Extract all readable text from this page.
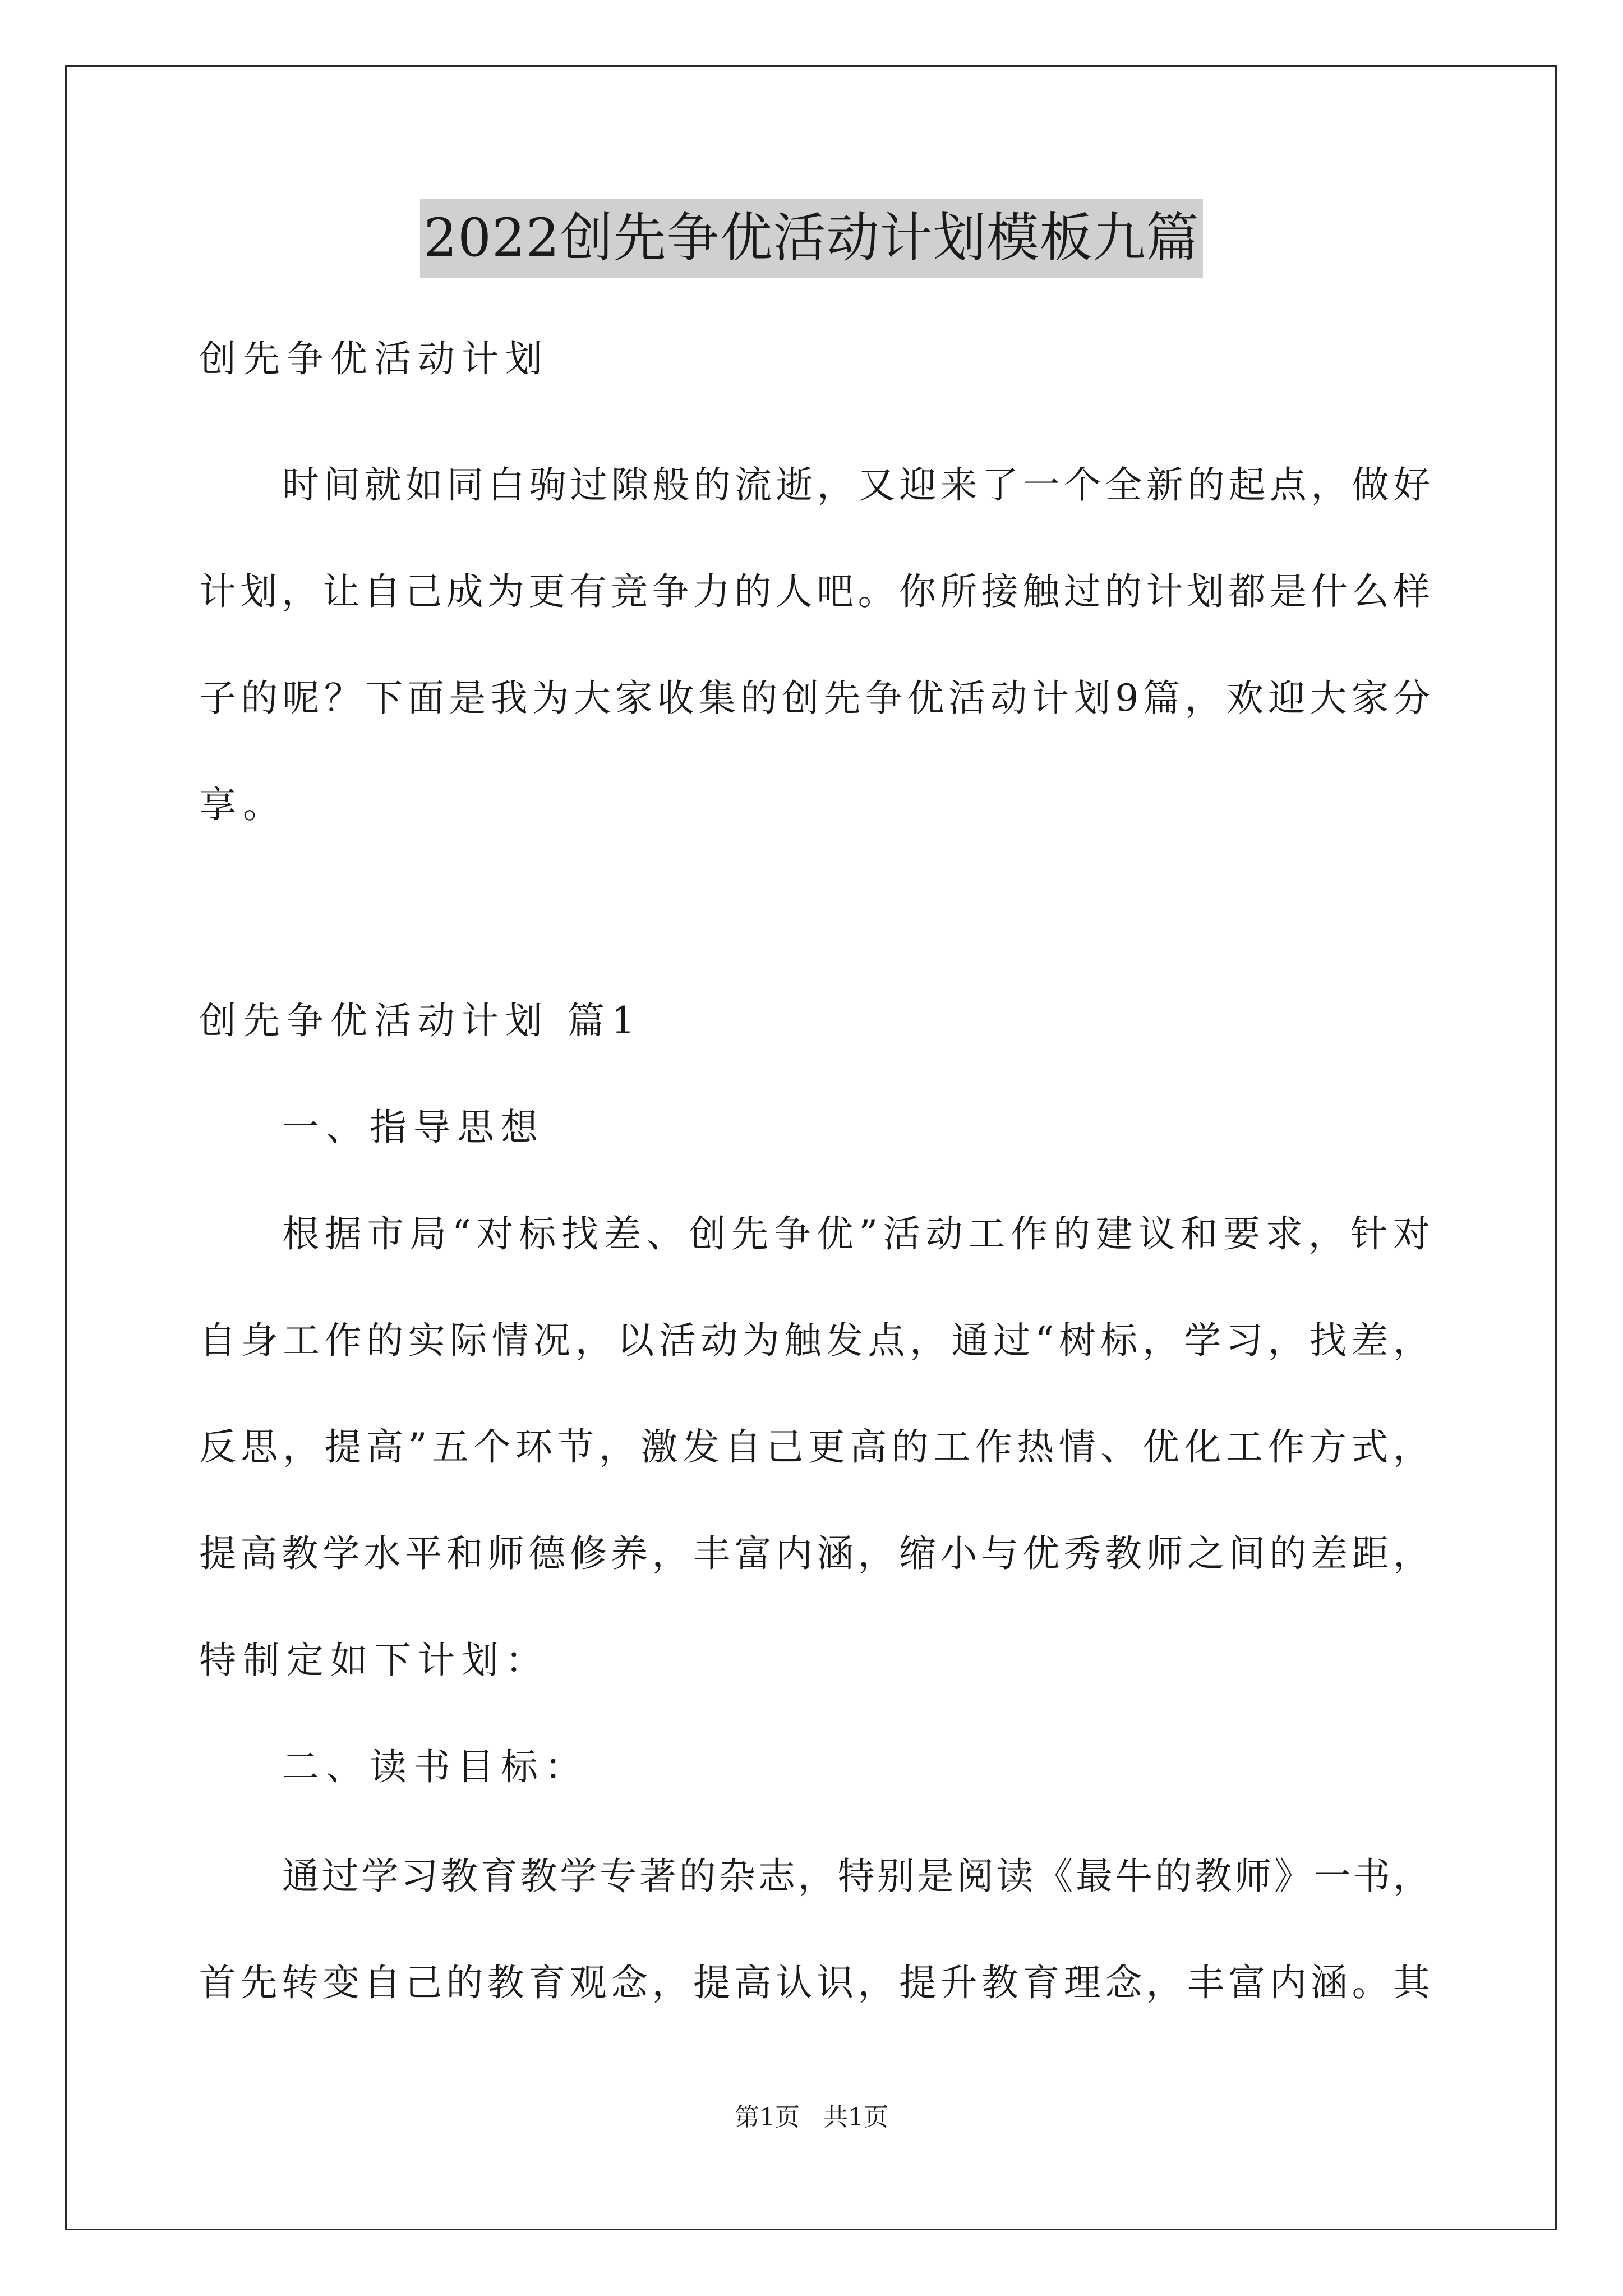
2022创先争优活动计划模板九篇
创先争优活动计划
时间就如同白驹过隙般的流逝，又迎来了一个全新的起点，做好
计划，让自己成为更有竞争力的人吧。你所接触过的计划都是什么样
子的呢？下面是我为大家收集的创先争优活动计划9篇，欢迎大家分
享。
创先争优活动计划 篇1
一、指导思想
根据市局“对标找差、创先争优”活动工作的建议和要求，针对
自身工作的实际情况，以活动为触发点，通过“树标，学习，找差，
反思，提高”五个环节，激发自己更高的工作热情、优化工作方式，
提高教学水平和师德修养，丰富内涵，缩小与优秀教师之间的差距，
特制定如下计划：
二、读书目标：
通过学习教育教学专著的杂志，特别是阅读《最牛的教师》一书，
首先转变自己的教育观念，提高认识，提升教育理念，丰富内涵。其
第1页   共1页
